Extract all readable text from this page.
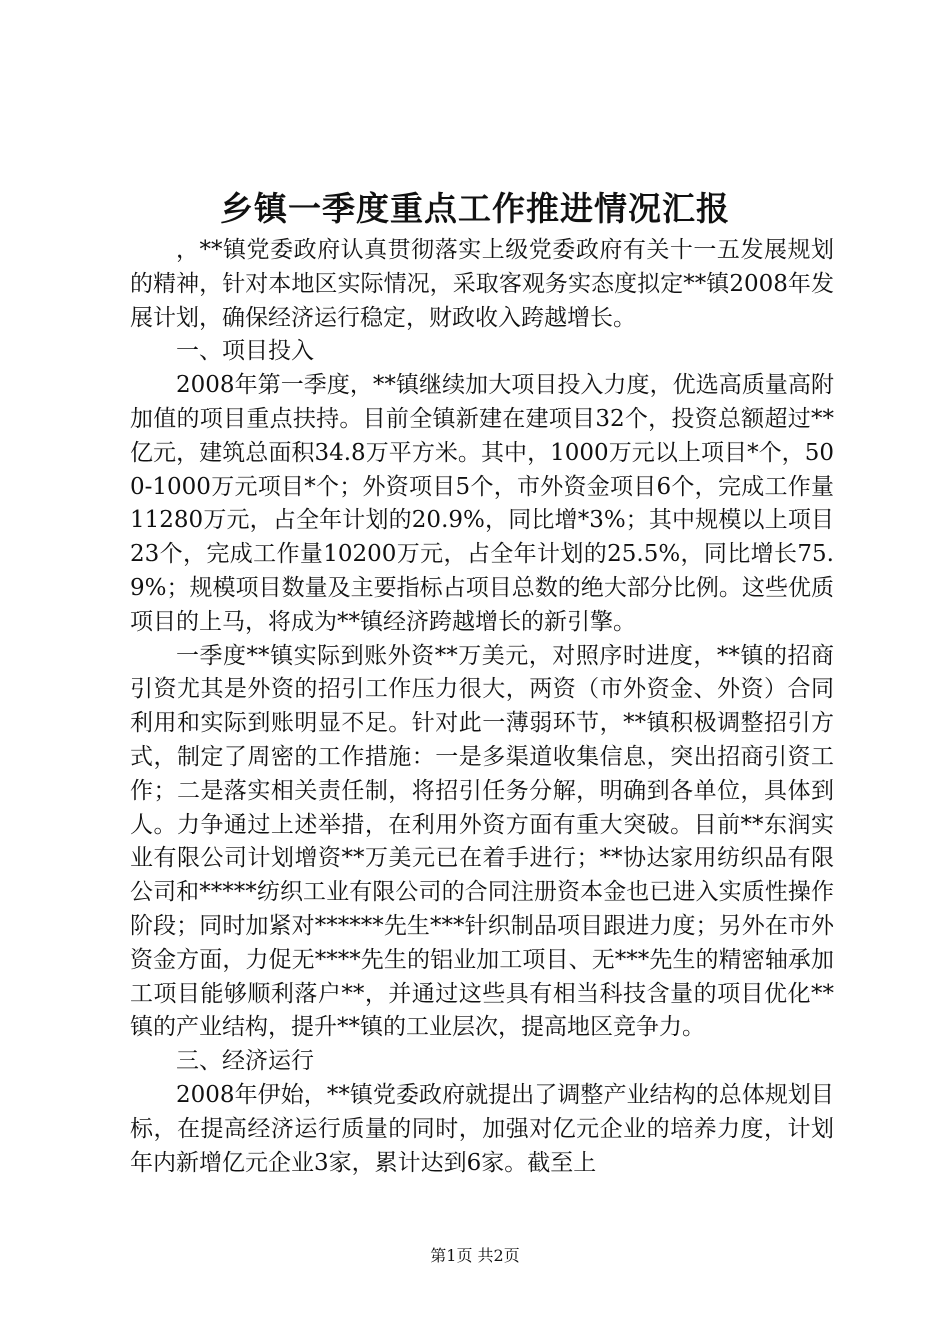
乡镇一季度重点工作推进情况汇报

，**镇党委政府认真贯彻落实上级党委政府有关十一五发展规划的精神，针对本地区实际情况，采取客观务实态度拟定**镇2008年发展计划，确保经济运行稳定，财政收入跨越增长。

一、项目投入

2008年第一季度，**镇继续加大项目投入力度，优选高质量高附加值的项目重点扶持。目前全镇新建在建项目32个，投资总额超过**亿元，建筑总面积34.8万平方米。其中，1000万元以上项目*个，500-1000万元项目*个；外资项目5个，市外资金项目6个，完成工作量11280万元，占全年计划的20.9%，同比增*3%；其中规模以上项目23个，完成工作量10200万元，占全年计划的25.5%，同比增长75.9%；规模项目数量及主要指标占项目总数的绝大部分比例。这些优质项目的上马，将成为**镇经济跨越增长的新引擎。

一季度**镇实际到账外资**万美元，对照序时进度，**镇的招商引资尤其是外资的招引工作压力很大，两资（市外资金、外资）合同利用和实际到账明显不足。针对此一薄弱环节，**镇积极调整招引方式，制定了周密的工作措施：一是多渠道收集信息，突出招商引资工作；二是落实相关责任制，将招引任务分解，明确到各单位，具体到人。力争通过上述举措，在利用外资方面有重大突破。目前**东润实业有限公司计划增资**万美元已在着手进行；**协达家用纺织品有限公司和*****纺织工业有限公司的合同注册资本金也已进入实质性操作阶段；同时加紧对******先生***针织制品项目跟进力度；另外在市外资金方面，力促无****先生的铝业加工项目、无***先生的精密轴承加工项目能够顺利落户**，并通过这些具有相当科技含量的项目优化**镇的产业结构，提升**镇的工业层次，提高地区竞争力。

三、经济运行

2008年伊始，**镇党委政府就提出了调整产业结构的总体规划目标，在提高经济运行质量的同时，加强对亿元企业的培养力度，计划年内新增亿元企业3家，累计达到6家。截至上

第1页 共2页
